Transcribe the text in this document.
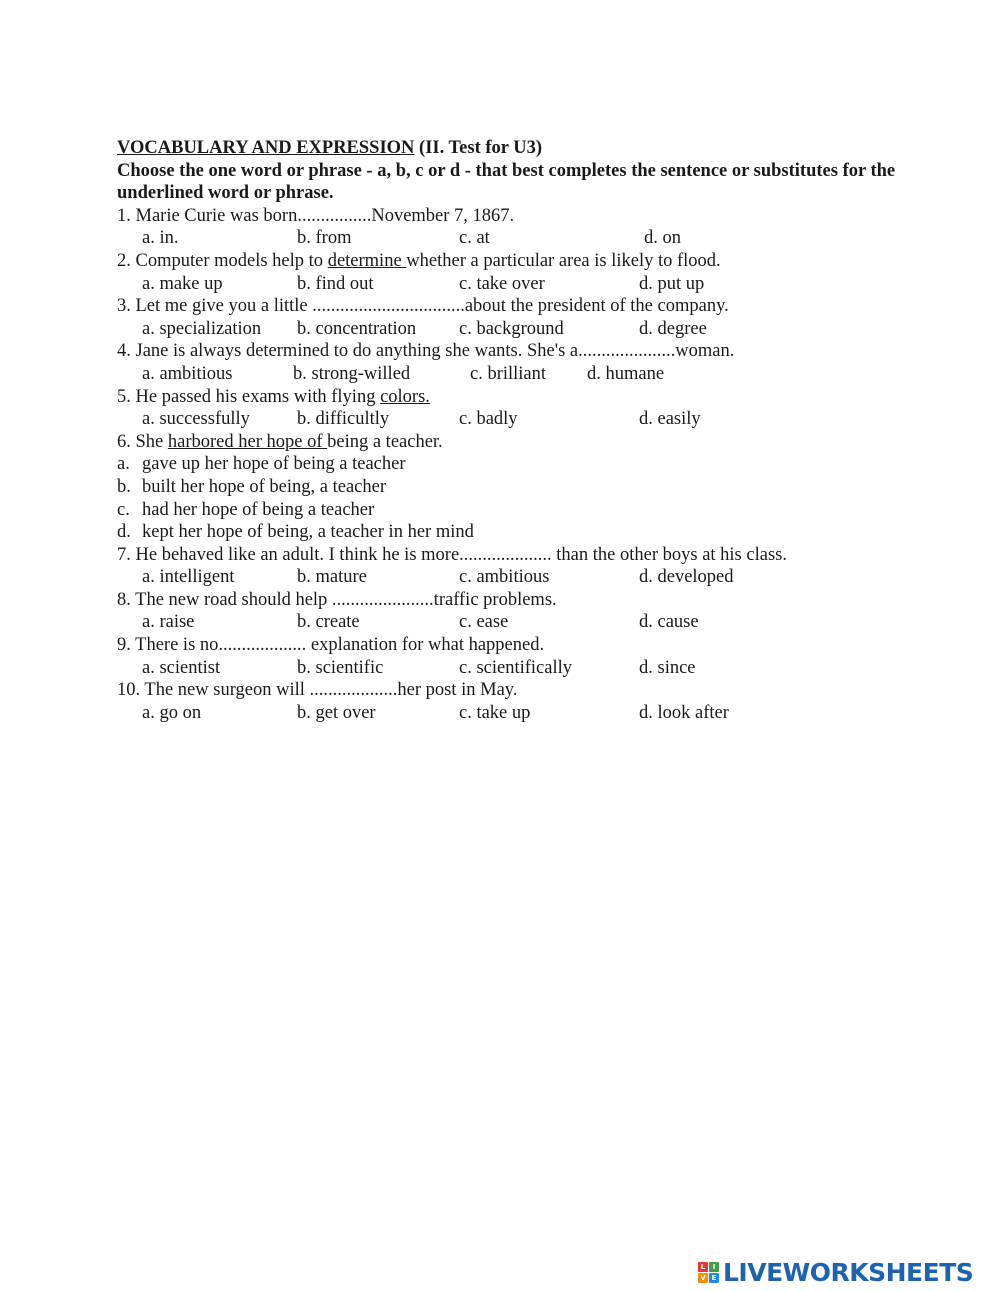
VOCABULARY AND EXPRESSION (II. Test for U3)
Choose the one word or phrase - a, b, c or d - that best completes the sentence or substitutes for the underlined word or phrase.
1. Marie Curie was born................November 7, 1867.
a. in.	b. from	c. at	d. on
2. Computer models help to determine whether a particular area is likely to flood.
a. make up	b. find out	c. take over	d. put up
3. Let me give you a little .................................about the president of the company.
a. specialization b. concentration c. background	d. degree
4. Jane is always determined to do anything she wants. She's a.....................woman.
a. ambitious	b. strong-willed	c. brilliant d. humane
5. He passed his exams with flying colors.
a. successfully	b. difficultly	c. badly	d. easily
6. She harbored her hope of being a teacher.
a. gave up her hope of being a teacher
b. built her hope of being, a teacher
c. had her hope of being a teacher
d. kept her hope of being, a teacher in her mind
7. He behaved like an adult. I think he is more.................... than the other boys at his class.
a. intelligent	b. mature	c. ambitious	d. developed
8. The new road should help ......................traffic problems.
a. raise	b. create	c. ease	d. cause
9. There is no................... explanation for what happened.
a. scientist	b. scientific	c. scientifically	d. since
10. The new surgeon will ...................her post in May.
a. go on	b. get over	c. take up	d. look after
L	I
V E LIVEWORKSHEETS
